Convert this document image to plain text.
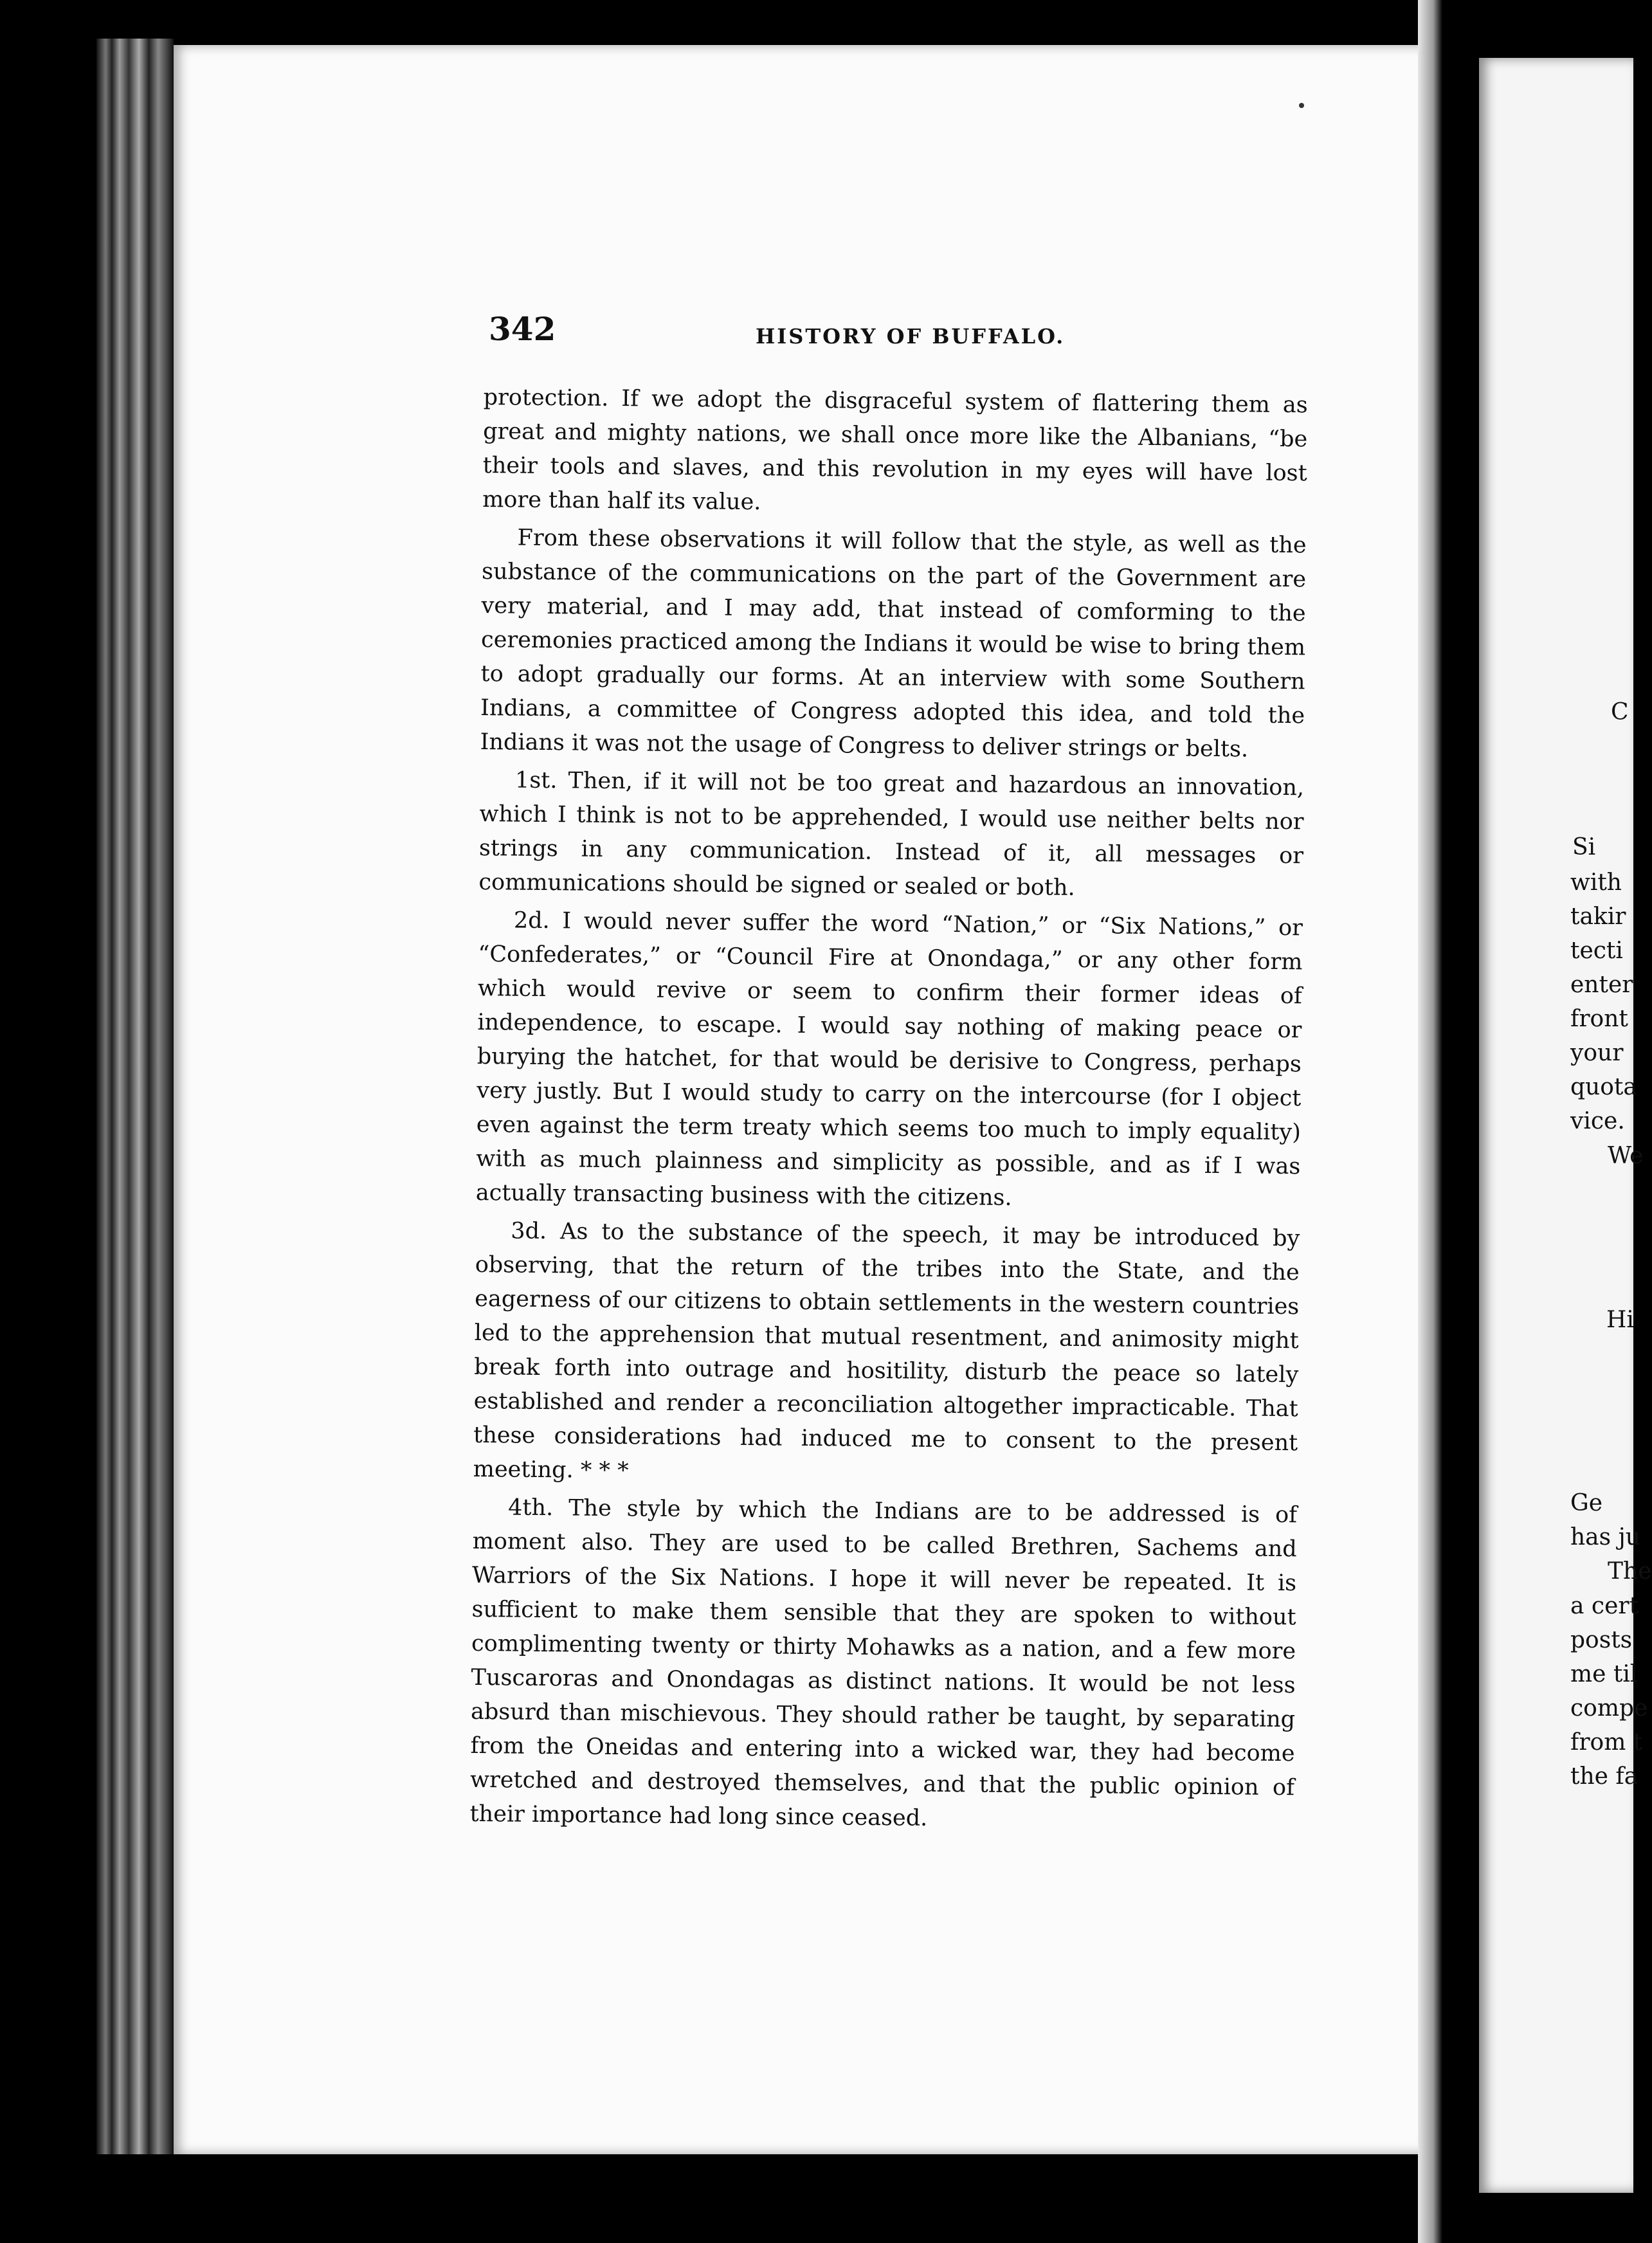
342	HISTORY OF BUFFALO.

protection. If we adopt the disgraceful system of flattering them as great and mighty nations, we shall once more like the Albanians, “be their tools and slaves, and this revolution in my eyes will have lost more than half its value.

From these observations it will follow that the style, as well as the substance of the communications on the part of the Government are very material, and I may add, that instead of comforming to the ceremonies practiced among the Indians it would be wise to bring them to adopt gradually our forms. At an interview with some Southern Indians, a committee of Congress adopted this idea, and told the Indians it was not the usage of Congress to deliver strings or belts.

1st. Then, if it will not be too great and hazardous an innovation, which I think is not to be apprehended, I would use neither belts nor strings in any communication. Instead of it, all messages or communications should be signed or sealed or both.

2d. I would never suffer the word “Nation,” or “Six Nations,” or “Confederates,” or “Council Fire at Onondaga,” or any other form which would revive or seem to confirm their former ideas of independence, to escape. I would say nothing of making peace or burying the hatchet, for that would be derisive to Congress, perhaps very justly. But I would study to carry on the intercourse (for I object even against the term treaty which seems too much to imply equality) with as much plainness and simplicity as possible, and as if I was actually transacting business with the citizens.

3d. As to the substance of the speech, it may be introduced by observing, that the return of the tribes into the State, and the eagerness of our citizens to obtain settlements in the western countries led to the apprehension that mutual resentment, and animosity might break forth into outrage and hositility, disturb the peace so lately established and render a reconciliation altogether impracticable. That these considerations had induced me to consent to the present meeting. * * *

4th. The style by which the Indians are to be addressed is of moment also. They are used to be called Brethren, Sachems and Warriors of the Six Nations. I hope it will never be repeated. It is sufficient to make them sensible that they are spoken to without complimenting twenty or thirty Mohawks as a nation, and a few more Tuscaroras and Onondagas as distinct nations. It would be not less absurd than mischievous. They should rather be taught, by separating from the Oneidas and entering into a wicked war, they had become wretched and destroyed themselves, and that the public opinion of their importance had long since ceased.

C

Si

with

takir

tecti

enter

front

your

quota

vice.

We

Hi

Ge

has ju

The

a cert

posts

me til

compe

from t

the fa
